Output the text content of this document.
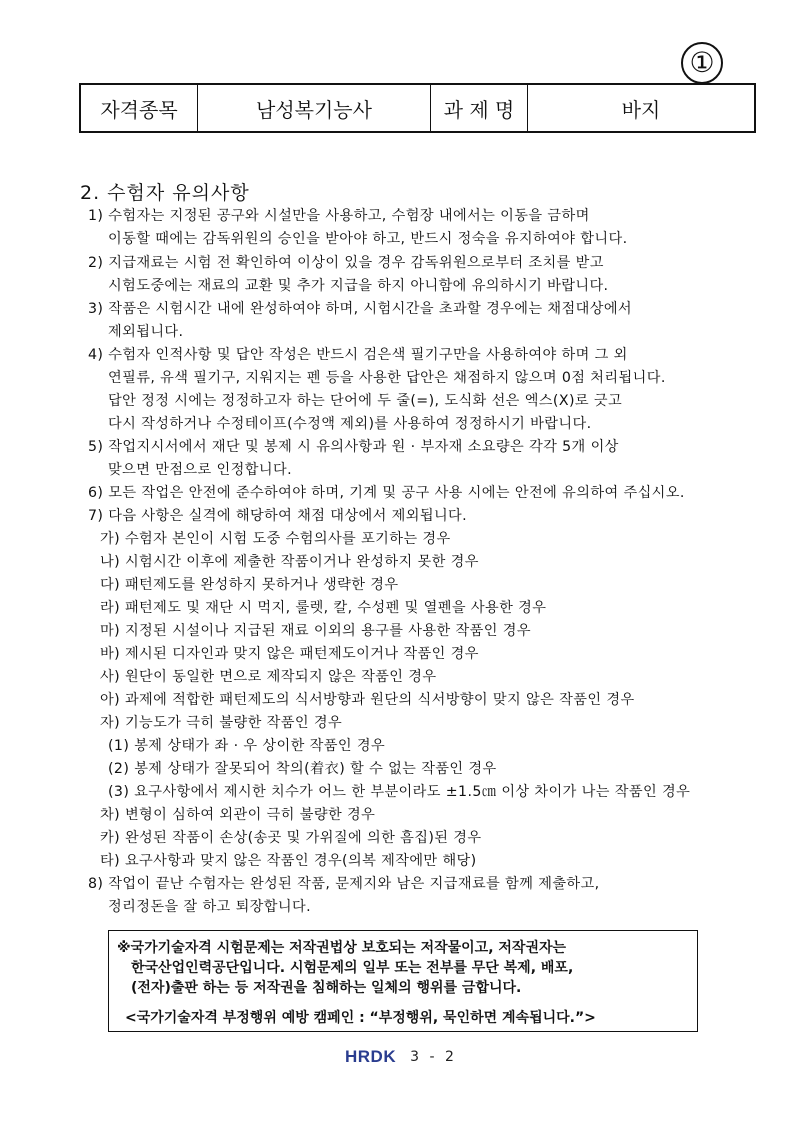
①
자격종목	남성복기능사	과 제 명	바지
2. 수험자 유의사항
1) 수험자는 지정된 공구와 시설만을 사용하고, 수험장 내에서는 이동을 금하며
이동할 때에는 감독위원의 승인을 받아야 하고, 반드시 정숙을 유지하여야 합니다.
2) 지급재료는 시험 전 확인하여 이상이 있을 경우 감독위원으로부터 조치를 받고
시험도중에는 재료의 교환 및 추가 지급을 하지 아니함에 유의하시기 바랍니다.
3) 작품은 시험시간 내에 완성하여야 하며, 시험시간을 초과할 경우에는 채점대상에서
제외됩니다.
4) 수험자 인적사항 및 답안 작성은 반드시 검은색 필기구만을 사용하여야 하며 그 외
연필류, 유색 필기구, 지워지는 펜 등을 사용한 답안은 채점하지 않으며 0점 처리됩니다.
답안 정정 시에는 정정하고자 하는 단어에 두 줄(=), 도식화 선은 엑스(X)로 긋고
다시 작성하거나 수정테이프(수정액 제외)를 사용하여 정정하시기 바랍니다.
5) 작업지시서에서 재단 및 봉제 시 유의사항과 원 · 부자재 소요량은 각각 5개 이상
맞으면 만점으로 인정합니다.
6) 모든 작업은 안전에 준수하여야 하며, 기계 및 공구 사용 시에는 안전에 유의하여 주십시오.
7) 다음 사항은 실격에 해당하여 채점 대상에서 제외됩니다.
가) 수험자 본인이 시험 도중 수험의사를 포기하는 경우
나) 시험시간 이후에 제출한 작품이거나 완성하지 못한 경우
다) 패턴제도를 완성하지 못하거나 생략한 경우
라) 패턴제도 및 재단 시 먹지, 룰렛, 칼, 수성펜 및 열펜을 사용한 경우
마) 지정된 시설이나 지급된 재료 이외의 용구를 사용한 작품인 경우
바) 제시된 디자인과 맞지 않은 패턴제도이거나 작품인 경우
사) 원단이 동일한 면으로 제작되지 않은 작품인 경우
아) 과제에 적합한 패턴제도의 식서방향과 원단의 식서방향이 맞지 않은 작품인 경우
자) 기능도가 극히 불량한 작품인 경우
(1) 봉제 상태가 좌 · 우 상이한 작품인 경우
(2) 봉제 상태가 잘못되어 착의(着衣) 할 수 없는 작품인 경우
(3) 요구사항에서 제시한 치수가 어느 한 부분이라도 ±1.5㎝ 이상 차이가 나는 작품인 경우
차) 변형이 심하여 외관이 극히 불량한 경우
카) 완성된 작품이 손상(송곳 및 가위질에 의한 흠집)된 경우
타) 요구사항과 맞지 않은 작품인 경우(의복 제작에만 해당)
8) 작업이 끝난 수험자는 완성된 작품, 문제지와 남은 지급재료를 함께 제출하고,
정리정돈을 잘 하고 퇴장합니다.
※국가기술자격 시험문제는 저작권법상 보호되는 저작물이고, 저작권자는
한국산업인력공단입니다. 시험문제의 일부 또는 전부를 무단 복제, 배포,
(전자)출판 하는 등 저작권을 침해하는 일체의 행위를 금합니다.
<국가기술자격 부정행위 예방 캠페인 : “부정행위, 묵인하면 계속됩니다.”>
HRDK 3 - 2
